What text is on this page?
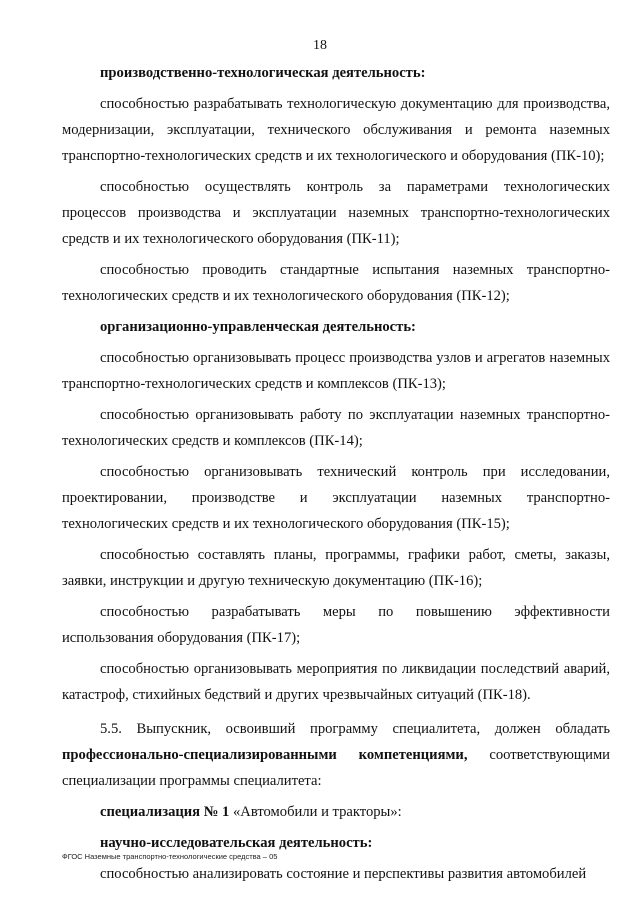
18

производственно-технологическая деятельность:

способностью разрабатывать технологическую документацию для производства, модернизации, эксплуатации, технического обслуживания и ремонта наземных транспортно-технологических средств и их технологического и оборудования (ПК-10);

способностью осуществлять контроль за параметрами технологических процессов производства и эксплуатации наземных транспортно-технологических средств и их технологического оборудования (ПК-11);

способностью проводить стандартные испытания наземных транспортно-технологических средств и их технологического оборудования (ПК-12);

организационно-управленческая деятельность:

способностью организовывать процесс производства узлов и агрегатов наземных транспортно-технологических средств и комплексов (ПК-13);

способностью организовывать работу по эксплуатации наземных транспортно-технологических средств и комплексов (ПК-14);

способностью организовывать технический контроль при исследовании, проектировании, производстве и эксплуатации наземных транспортно-технологических средств и их технологического оборудования (ПК-15);

способностью составлять планы, программы, графики работ, сметы, заказы, заявки, инструкции и другую техническую документацию (ПК-16);

способностью разрабатывать меры по повышению эффективности использования оборудования (ПК-17);

способностью организовывать мероприятия по ликвидации последствий аварий, катастроф, стихийных бедствий и других чрезвычайных ситуаций (ПК-18).

5.5. Выпускник, освоивший программу специалитета, должен обладать профессионально-специализированными компетенциями, соответствующими специализации программы специалитета:

специализация № 1 «Автомобили и тракторы»:

научно-исследовательская деятельность:

способностью анализировать состояние и перспективы развития автомобилей

ФГОС Наземные транспортно-технологические средства – 05
